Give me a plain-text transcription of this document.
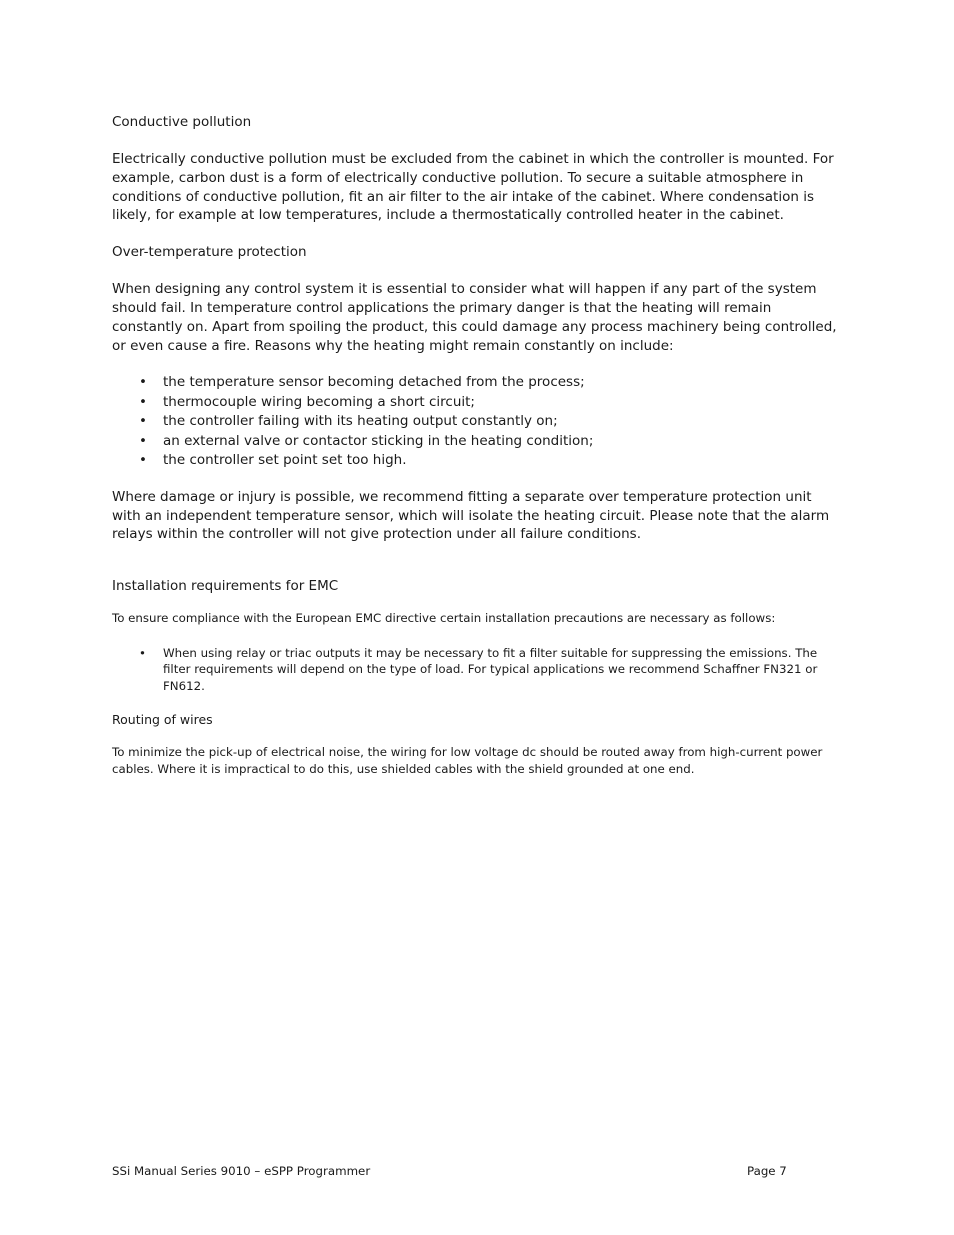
Conductive pollution

Electrically conductive pollution must be excluded from the cabinet in which the controller is mounted. For example, carbon dust is a form of electrically conductive pollution. To secure a suitable atmosphere in conditions of conductive pollution, fit an air filter to the air intake of the cabinet. Where condensation is likely, for example at low temperatures, include a thermostatically controlled heater in the cabinet.

Over-temperature protection

When designing any control system it is essential to consider what will happen if any part of the system should fail. In temperature control applications the primary danger is that the heating will remain constantly on. Apart from spoiling the product, this could damage any process machinery being controlled, or even cause a fire. Reasons why the heating might remain constantly on include:

• the temperature sensor becoming detached from the process;
• thermocouple wiring becoming a short circuit;
• the controller failing with its heating output constantly on;
• an external valve or contactor sticking in the heating condition;
• the controller set point set too high.

Where damage or injury is possible, we recommend fitting a separate over temperature protection unit with an independent temperature sensor, which will isolate the heating circuit. Please note that the alarm relays within the controller will not give protection under all failure conditions.

Installation requirements for EMC

To ensure compliance with the European EMC directive certain installation precautions are necessary as follows:

• When using relay or triac outputs it may be necessary to fit a filter suitable for suppressing the emissions. The filter requirements will depend on the type of load. For typical applications we recommend Schaffner FN321 or FN612.
Routing of wires

To minimize the pick-up of electrical noise, the wiring for low voltage dc should be routed away from high-current power cables. Where it is impractical to do this, use shielded cables with the shield grounded at one end.

SSi Manual Series 9010 – eSPP Programmer	Page 7
